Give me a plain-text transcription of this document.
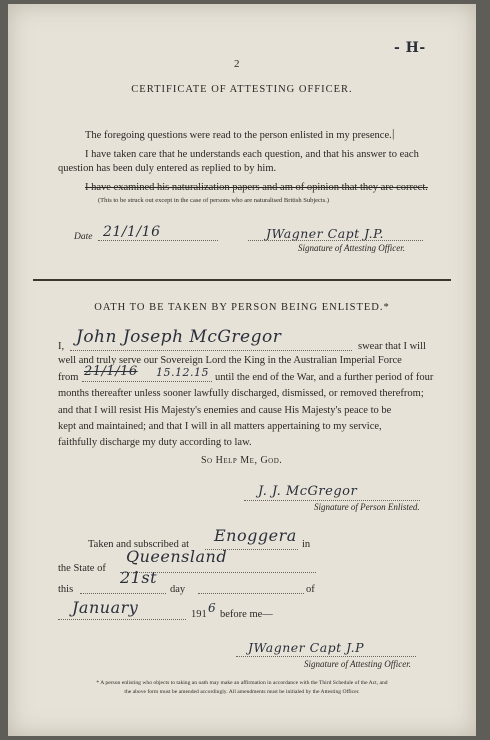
2
‑ H‑
CERTIFICATE OF ATTESTING OFFICER.
The foregoing questions were read to the person enlisted in my presence. |
I have taken care that he understands each question, and that his answer to each
question has been duly entered as replied to by him.
I have examined his naturalization papers and am of opinion that they are correct.
(This to be struck out except in the case of persons who are naturalised British Subjects.)
Date 21/1/16	JWagner Capt J.P.
Signature of Attesting Officer.
OATH TO BE TAKEN BY PERSON BEING ENLISTED.*
I, John Joseph McGregor	swear that I will
well and truly serve our Sovereign Lord the King in the Australian Imperial Force
from 21/1/16 15.12.15 until the end of the War, and a further period of four
months thereafter unless sooner lawfully discharged, dismissed, or removed therefrom;
and that I will resist His Majesty's enemies and cause His Majesty's peace to be
kept and maintained; and that I will in all matters appertaining to my service,
faithfully discharge my duty according to law.
So Help Me, God.
J. J. McGregor
Signature of Person Enlisted.
Taken and subscribed at Enoggera in
the State of
Queensland
this
21st
day	of
January	191 6 before me—
JWagner Capt J.P
Signature of Attesting Officer.
* A person enlisting who objects to taking an oath may make an affirmation in accordance with the Third Schedule of the Act, and
the above form must be amended accordingly. All amendments must be initialed by the Attesting Officer.
